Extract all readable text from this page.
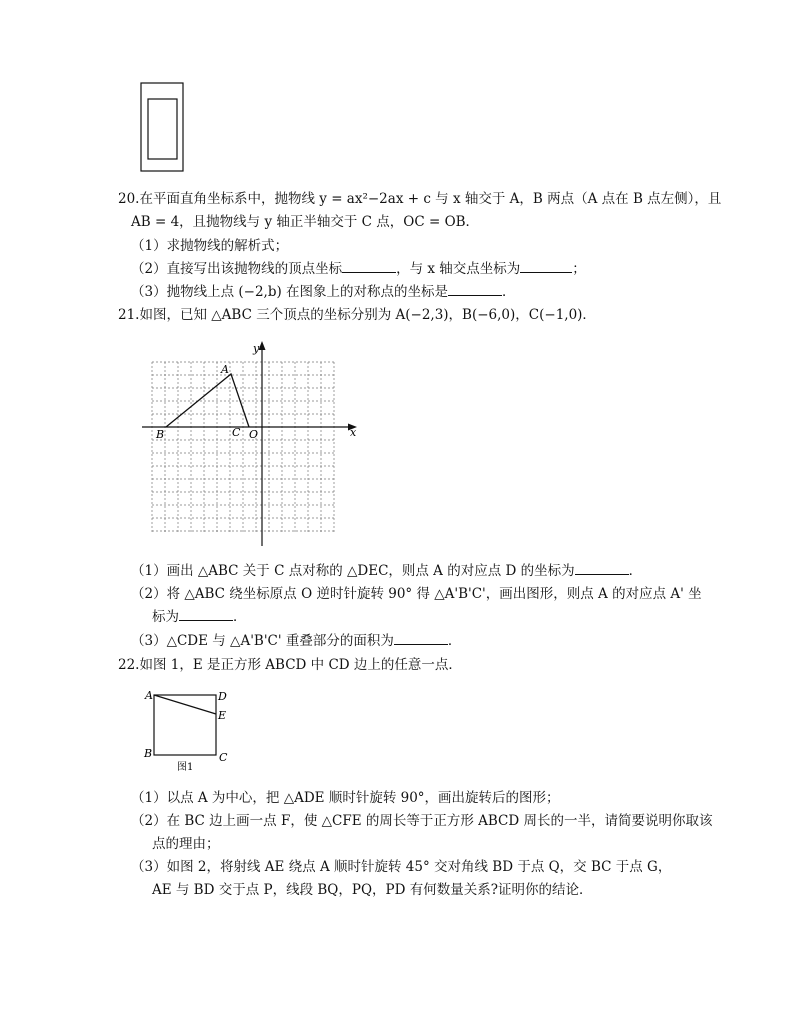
20.在平面直角坐标系中，抛物线 y = ax²−2ax + c 与 x 轴交于 A，B 两点（A 点在 B 点左侧），且
AB = 4，且抛物线与 y 轴正半轴交于 C 点，OC = OB．
（1）求抛物线的解析式；
（2）直接写出该抛物线的顶点坐标	，与 x 轴交点坐标为	；
（3）抛物线上点 (−2,b) 在图象上的对称点的坐标是	．
21.如图，已知 △ABC 三个顶点的坐标分别为 A(−2,3)，B(−6,0)，C(−1,0)．
x
y
O
A
B	C
（1）画出 △ABC 关于 C 点对称的 △DEC，则点 A 的对应点 D 的坐标为	．
（2）将 △ABC 绕坐标原点 O 逆时针旋转 90° 得 △A'B'C'，画出图形，则点 A 的对应点 A' 坐
标为	．
（3）△CDE 与 △A'B'C' 重叠部分的面积为	．
22.如图 1，E 是正方形 ABCD 中 CD 边上的任意一点．
A	D
E
B	C
图1
（1）以点 A 为中心，把 △ADE 顺时针旋转 90°，画出旋转后的图形；
（2）在 BC 边上画一点 F，使 △CFE 的周长等于正方形 ABCD 周长的一半，请简要说明你取该
点的理由；
（3）如图 2，将射线 AE 绕点 A 顺时针旋转 45° 交对角线 BD 于点 Q，交 BC 于点 G，
AE 与 BD 交于点 P，线段 BQ，PQ，PD 有何数量关系?证明你的结论．
